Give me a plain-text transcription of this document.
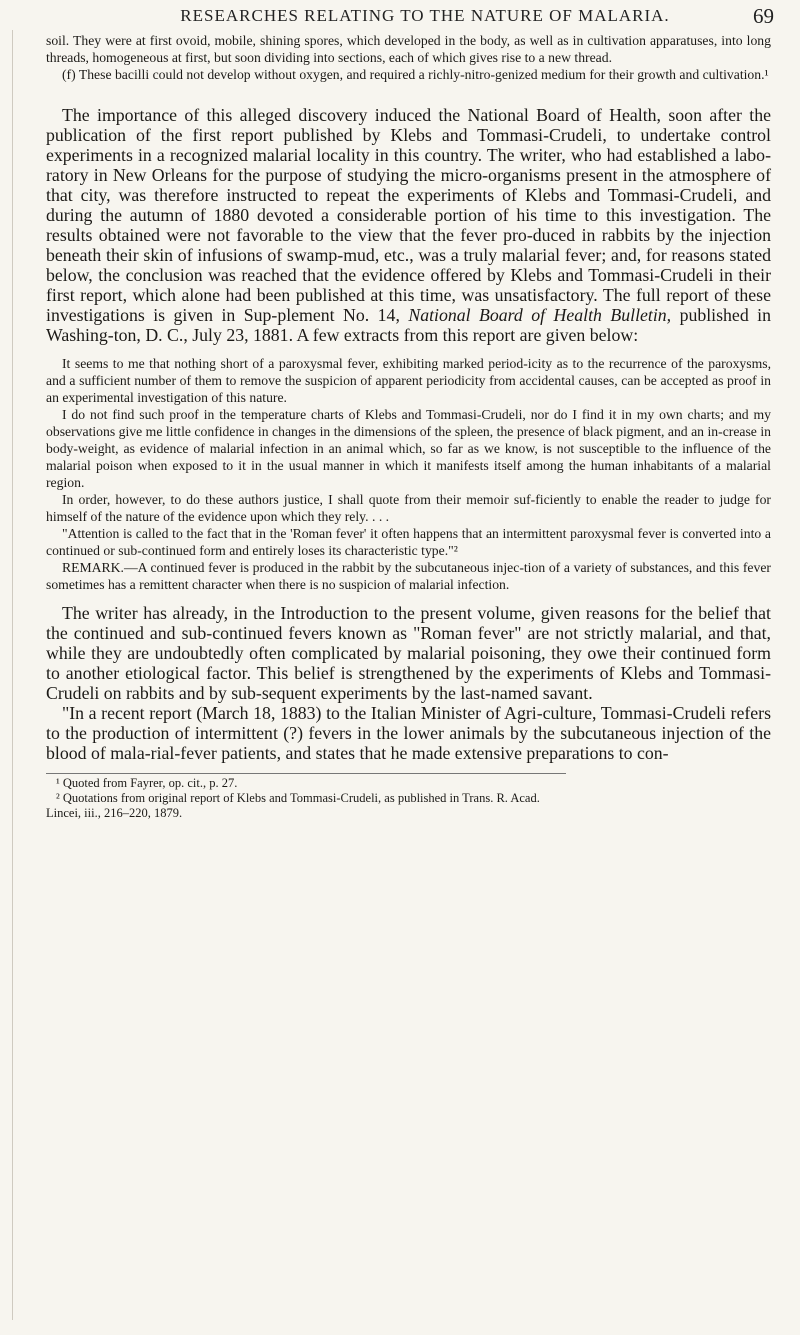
RESEARCHES RELATING TO THE NATURE OF MALARIA.	69

soil. They were at first ovoid, mobile, shining spores, which developed in the body, as well as in cultivation apparatuses, into long threads, homogeneous at first, but soon dividing into sections, each of which gives rise to a new thread.

(f) These bacilli could not develop without oxygen, and required a richly-nitro-genized medium for their growth and cultivation.¹

The importance of this alleged discovery induced the National Board of Health, soon after the publication of the first report published by Klebs and Tommasi-Crudeli, to undertake control experiments in a recognized malarial locality in this country. The writer, who had established a labo-ratory in New Orleans for the purpose of studying the micro-organisms present in the atmosphere of that city, was therefore instructed to repeat the experiments of Klebs and Tommasi-Crudeli, and during the autumn of 1880 devoted a considerable portion of his time to this investigation. The results obtained were not favorable to the view that the fever pro-duced in rabbits by the injection beneath their skin of infusions of swamp-mud, etc., was a truly malarial fever; and, for reasons stated below, the conclusion was reached that the evidence offered by Klebs and Tommasi-Crudeli in their first report, which alone had been published at this time, was unsatisfactory. The full report of these investigations is given in Sup-plement No. 14, National Board of Health Bulletin, published in Washing-ton, D. C., July 23, 1881. A few extracts from this report are given below:

It seems to me that nothing short of a paroxysmal fever, exhibiting marked period-icity as to the recurrence of the paroxysms, and a sufficient number of them to remove the suspicion of apparent periodicity from accidental causes, can be accepted as proof in an experimental investigation of this nature.

I do not find such proof in the temperature charts of Klebs and Tommasi-Crudeli, nor do I find it in my own charts; and my observations give me little confidence in changes in the dimensions of the spleen, the presence of black pigment, and an in-crease in body-weight, as evidence of malarial infection in an animal which, so far as we know, is not susceptible to the influence of the malarial poison when exposed to it in the usual manner in which it manifests itself among the human inhabitants of a malarial region.

In order, however, to do these authors justice, I shall quote from their memoir suf-ficiently to enable the reader to judge for himself of the nature of the evidence upon which they rely. . . .

"Attention is called to the fact that in the 'Roman fever' it often happens that an intermittent paroxysmal fever is converted into a continued or sub-continued form and entirely loses its characteristic type."²

REMARK.—A continued fever is produced in the rabbit by the subcutaneous injec-tion of a variety of substances, and this fever sometimes has a remittent character when there is no suspicion of malarial infection.

The writer has already, in the Introduction to the present volume, given reasons for the belief that the continued and sub-continued fevers known as "Roman fever" are not strictly malarial, and that, while they are undoubtedly often complicated by malarial poisoning, they owe their continued form to another etiological factor. This belief is strengthened by the experiments of Klebs and Tommasi-Crudeli on rabbits and by sub-sequent experiments by the last-named savant.

"In a recent report (March 18, 1883) to the Italian Minister of Agri-culture, Tommasi-Crudeli refers to the production of intermittent (?) fevers in the lower animals by the subcutaneous injection of the blood of mala-rial-fever patients, and states that he made extensive preparations to con-

¹ Quoted from Fayrer, op. cit., p. 27.

² Quotations from original report of Klebs and Tommasi-Crudeli, as published in Trans. R. Acad. Lincei, iii., 216–220, 1879.
